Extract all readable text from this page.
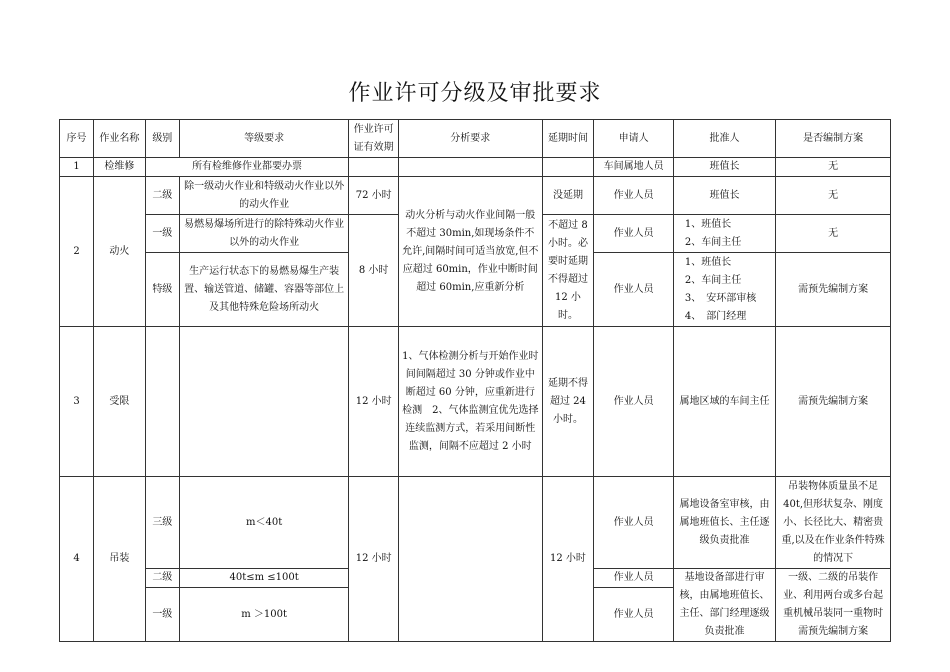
作业许可分级及审批要求
序号	作业名称	级别	等级要求	作业许可证有效期	分析要求	延期时间	申请人	批准人	是否编制方案
1	检维修	所有检维修作业都要办票					车间属地人员	班值长	无
2	动火	二级	除一级动火作业和特级动火作业以外的动火作业	72 小时	动火分析与动火作业间隔一般不超过 30min,如现场条件不允许,间隔时间可适当放宽,但不应超过 60min，作业中断时间超过 60min,应重新分析	没延期	作业人员	班值长	无
		一级	易燃易爆场所进行的除特殊动火作业以外的动火作业	8 小时		不超过 8 小时。必要时延期不得超过 12 小时。	作业人员	1、班值长
2、车间主任	无
		特级	生产运行状态下的易燃易爆生产装置、输送管道、储罐、容器等部位上及其他特殊危险场所动火				作业人员	1、班值长
2、车间主任
3、　安环部审核
4、　部门经理	需预先编制方案
3	受限			12 小时	1、气体检测分析与开始作业时间间隔超过 30 分钟或作业中断超过 60 分钟，应重新进行检测　2、气体监测宜优先选择连续监测方式，若采用间断性监测，间隔不应超过 2 小时	延期不得超过 24 小时。	作业人员	属地区域的车间主任	需预先编制方案
4	吊装	三级	m＜40t	12 小时		12 小时	作业人员	属地设备室审核，由属地班值长、主任逐级负责批准	吊装物体质量虽不足 40t,但形状复杂、刚度小、长径比大、精密贵重,以及在作业条件特殊的情况下
		二级	40t≤m ≤100t				作业人员	基地设备部进行审核，由属地班值长、主任、部门经理逐级负责批准	一级、二级的吊装作业、利用两台或多台起重机械吊装同一重物时需预先编制方案
		一级	m ＞100t				作业人员		
